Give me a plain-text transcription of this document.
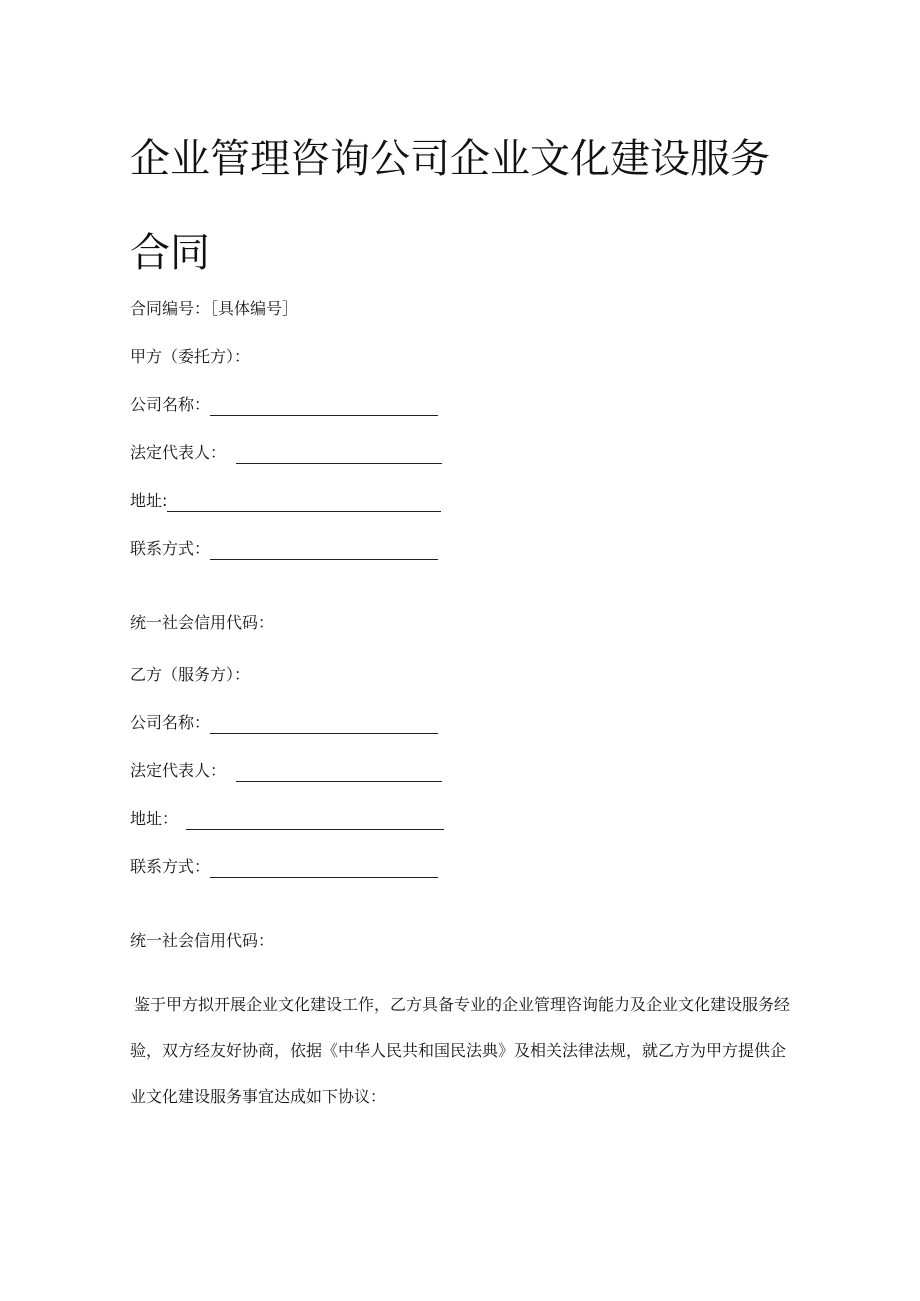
企业管理咨询公司企业文化建设服务合同
合同编号：［具体编号］
甲方（委托方）：
公司名称：
法定代表人：
地址:
联系方式：
统一社会信用代码：
乙方（服务方）：
公司名称：
法定代表人：
地址：
联系方式：
统一社会信用代码：

鉴于甲方拟开展企业文化建设工作，乙方具备专业的企业管理咨询能力及企业文化建设服务经验，双方经友好协商，依据《中华人民共和国民法典》及相关法律法规，就乙方为甲方提供企业文化建设服务事宜达成如下协议：
